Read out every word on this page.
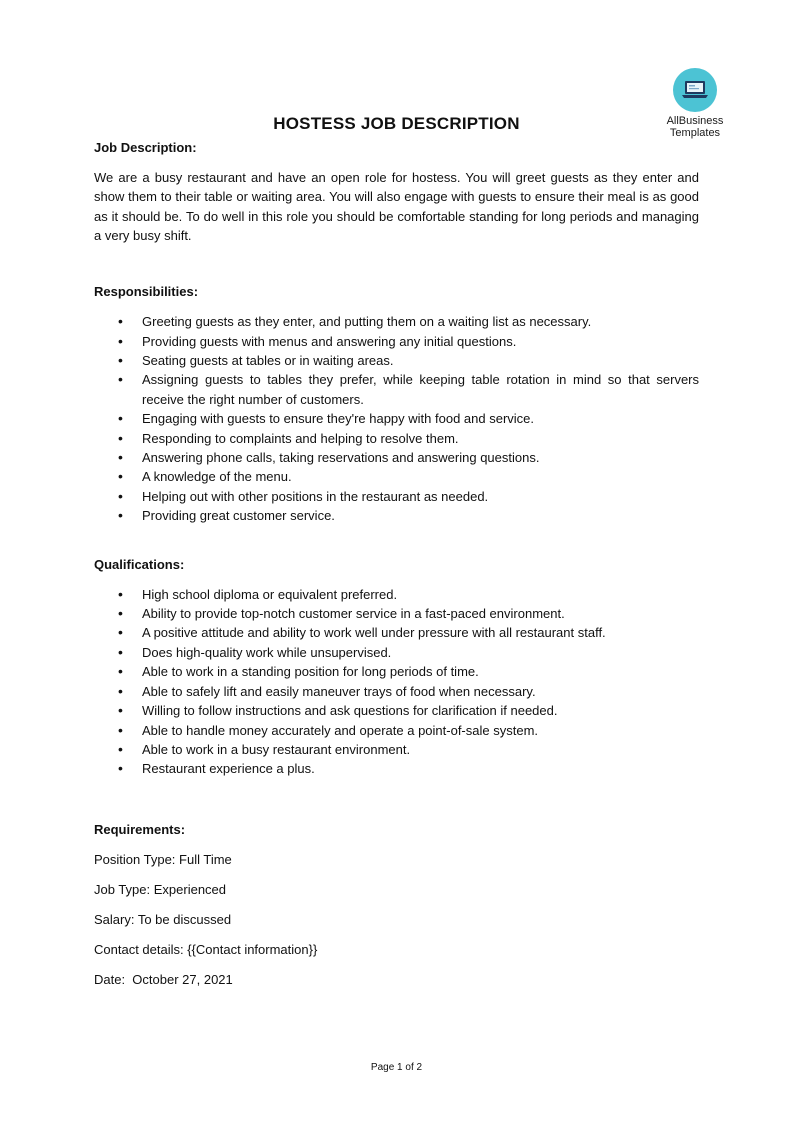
AllBusiness
Templates
HOSTESS JOB DESCRIPTION
Job Description:
We are a busy restaurant and have an open role for hostess. You will greet guests as they enter and show them to their table or waiting area. You will also engage with guests to ensure their meal is as good as it should be. To do well in this role you should be comfortable standing for long periods and managing a very busy shift.
Responsibilities:
• Greeting guests as they enter, and putting them on a waiting list as necessary.
• Providing guests with menus and answering any initial questions.
• Seating guests at tables or in waiting areas.
• Assigning guests to tables they prefer, while keeping table rotation in mind so that servers receive the right number of customers.
• Engaging with guests to ensure they're happy with food and service.
• Responding to complaints and helping to resolve them.
• Answering phone calls, taking reservations and answering questions.
• A knowledge of the menu.
• Helping out with other positions in the restaurant as needed.
• Providing great customer service.
Qualifications:
• High school diploma or equivalent preferred.
• Ability to provide top-notch customer service in a fast-paced environment.
• A positive attitude and ability to work well under pressure with all restaurant staff.
• Does high-quality work while unsupervised.
• Able to work in a standing position for long periods of time.
• Able to safely lift and easily maneuver trays of food when necessary.
• Willing to follow instructions and ask questions for clarification if needed.
• Able to handle money accurately and operate a point-of-sale system.
• Able to work in a busy restaurant environment.
• Restaurant experience a plus.
Requirements:
Position Type: Full Time
Job Type: Experienced
Salary: To be discussed
Contact details: {{Contact information}}
Date:  October 27, 2021
Page 1 of 2
